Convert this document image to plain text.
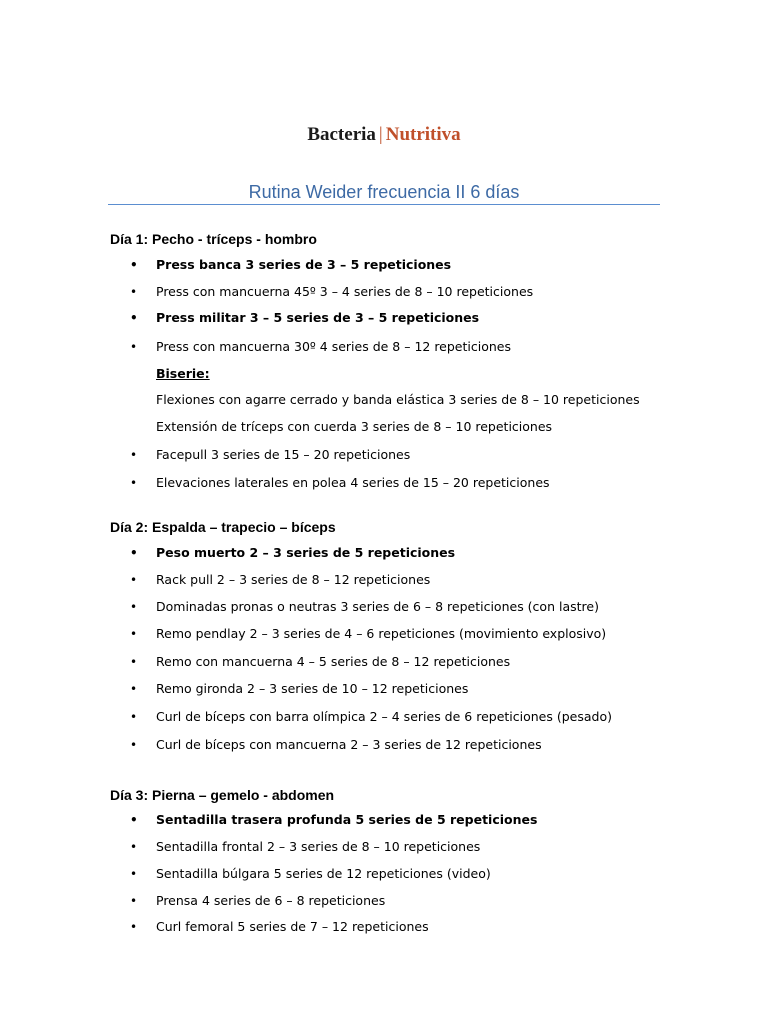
Bacteria | Nutritiva
Rutina Weider frecuencia II 6 días
Día 1: Pecho - tríceps - hombro
• Press banca 3 series de 3 – 5 repeticiones
• Press con mancuerna 45º 3 – 4 series de 8 – 10 repeticiones
• Press militar 3 – 5 series de 3 – 5 repeticiones
• Press con mancuerna 30º 4 series de 8 – 12 repeticiones
Biserie:
Flexiones con agarre cerrado y banda elástica 3 series de 8 – 10 repeticiones
Extensión de tríceps con cuerda 3 series de 8 – 10 repeticiones
• Facepull 3 series de 15 – 20 repeticiones
• Elevaciones laterales en polea 4 series de 15 – 20 repeticiones
Día 2: Espalda – trapecio – bíceps
• Peso muerto 2 – 3 series de 5 repeticiones
• Rack pull 2 – 3 series de 8 – 12 repeticiones
• Dominadas pronas o neutras 3 series de 6 – 8 repeticiones (con lastre)
• Remo pendlay 2 – 3 series de 4 – 6 repeticiones (movimiento explosivo)
• Remo con mancuerna 4 – 5 series de 8 – 12 repeticiones
• Remo gironda 2 – 3 series de 10 – 12 repeticiones
• Curl de bíceps con barra olímpica 2 – 4 series de 6 repeticiones (pesado)
• Curl de bíceps con mancuerna 2 – 3 series de 12 repeticiones
Día 3: Pierna – gemelo - abdomen
• Sentadilla trasera profunda 5 series de 5 repeticiones
• Sentadilla frontal 2 – 3 series de 8 – 10 repeticiones
• Sentadilla búlgara 5 series de 12 repeticiones (video)
• Prensa 4 series de 6 – 8 repeticiones
• Curl femoral 5 series de 7 – 12 repeticiones
